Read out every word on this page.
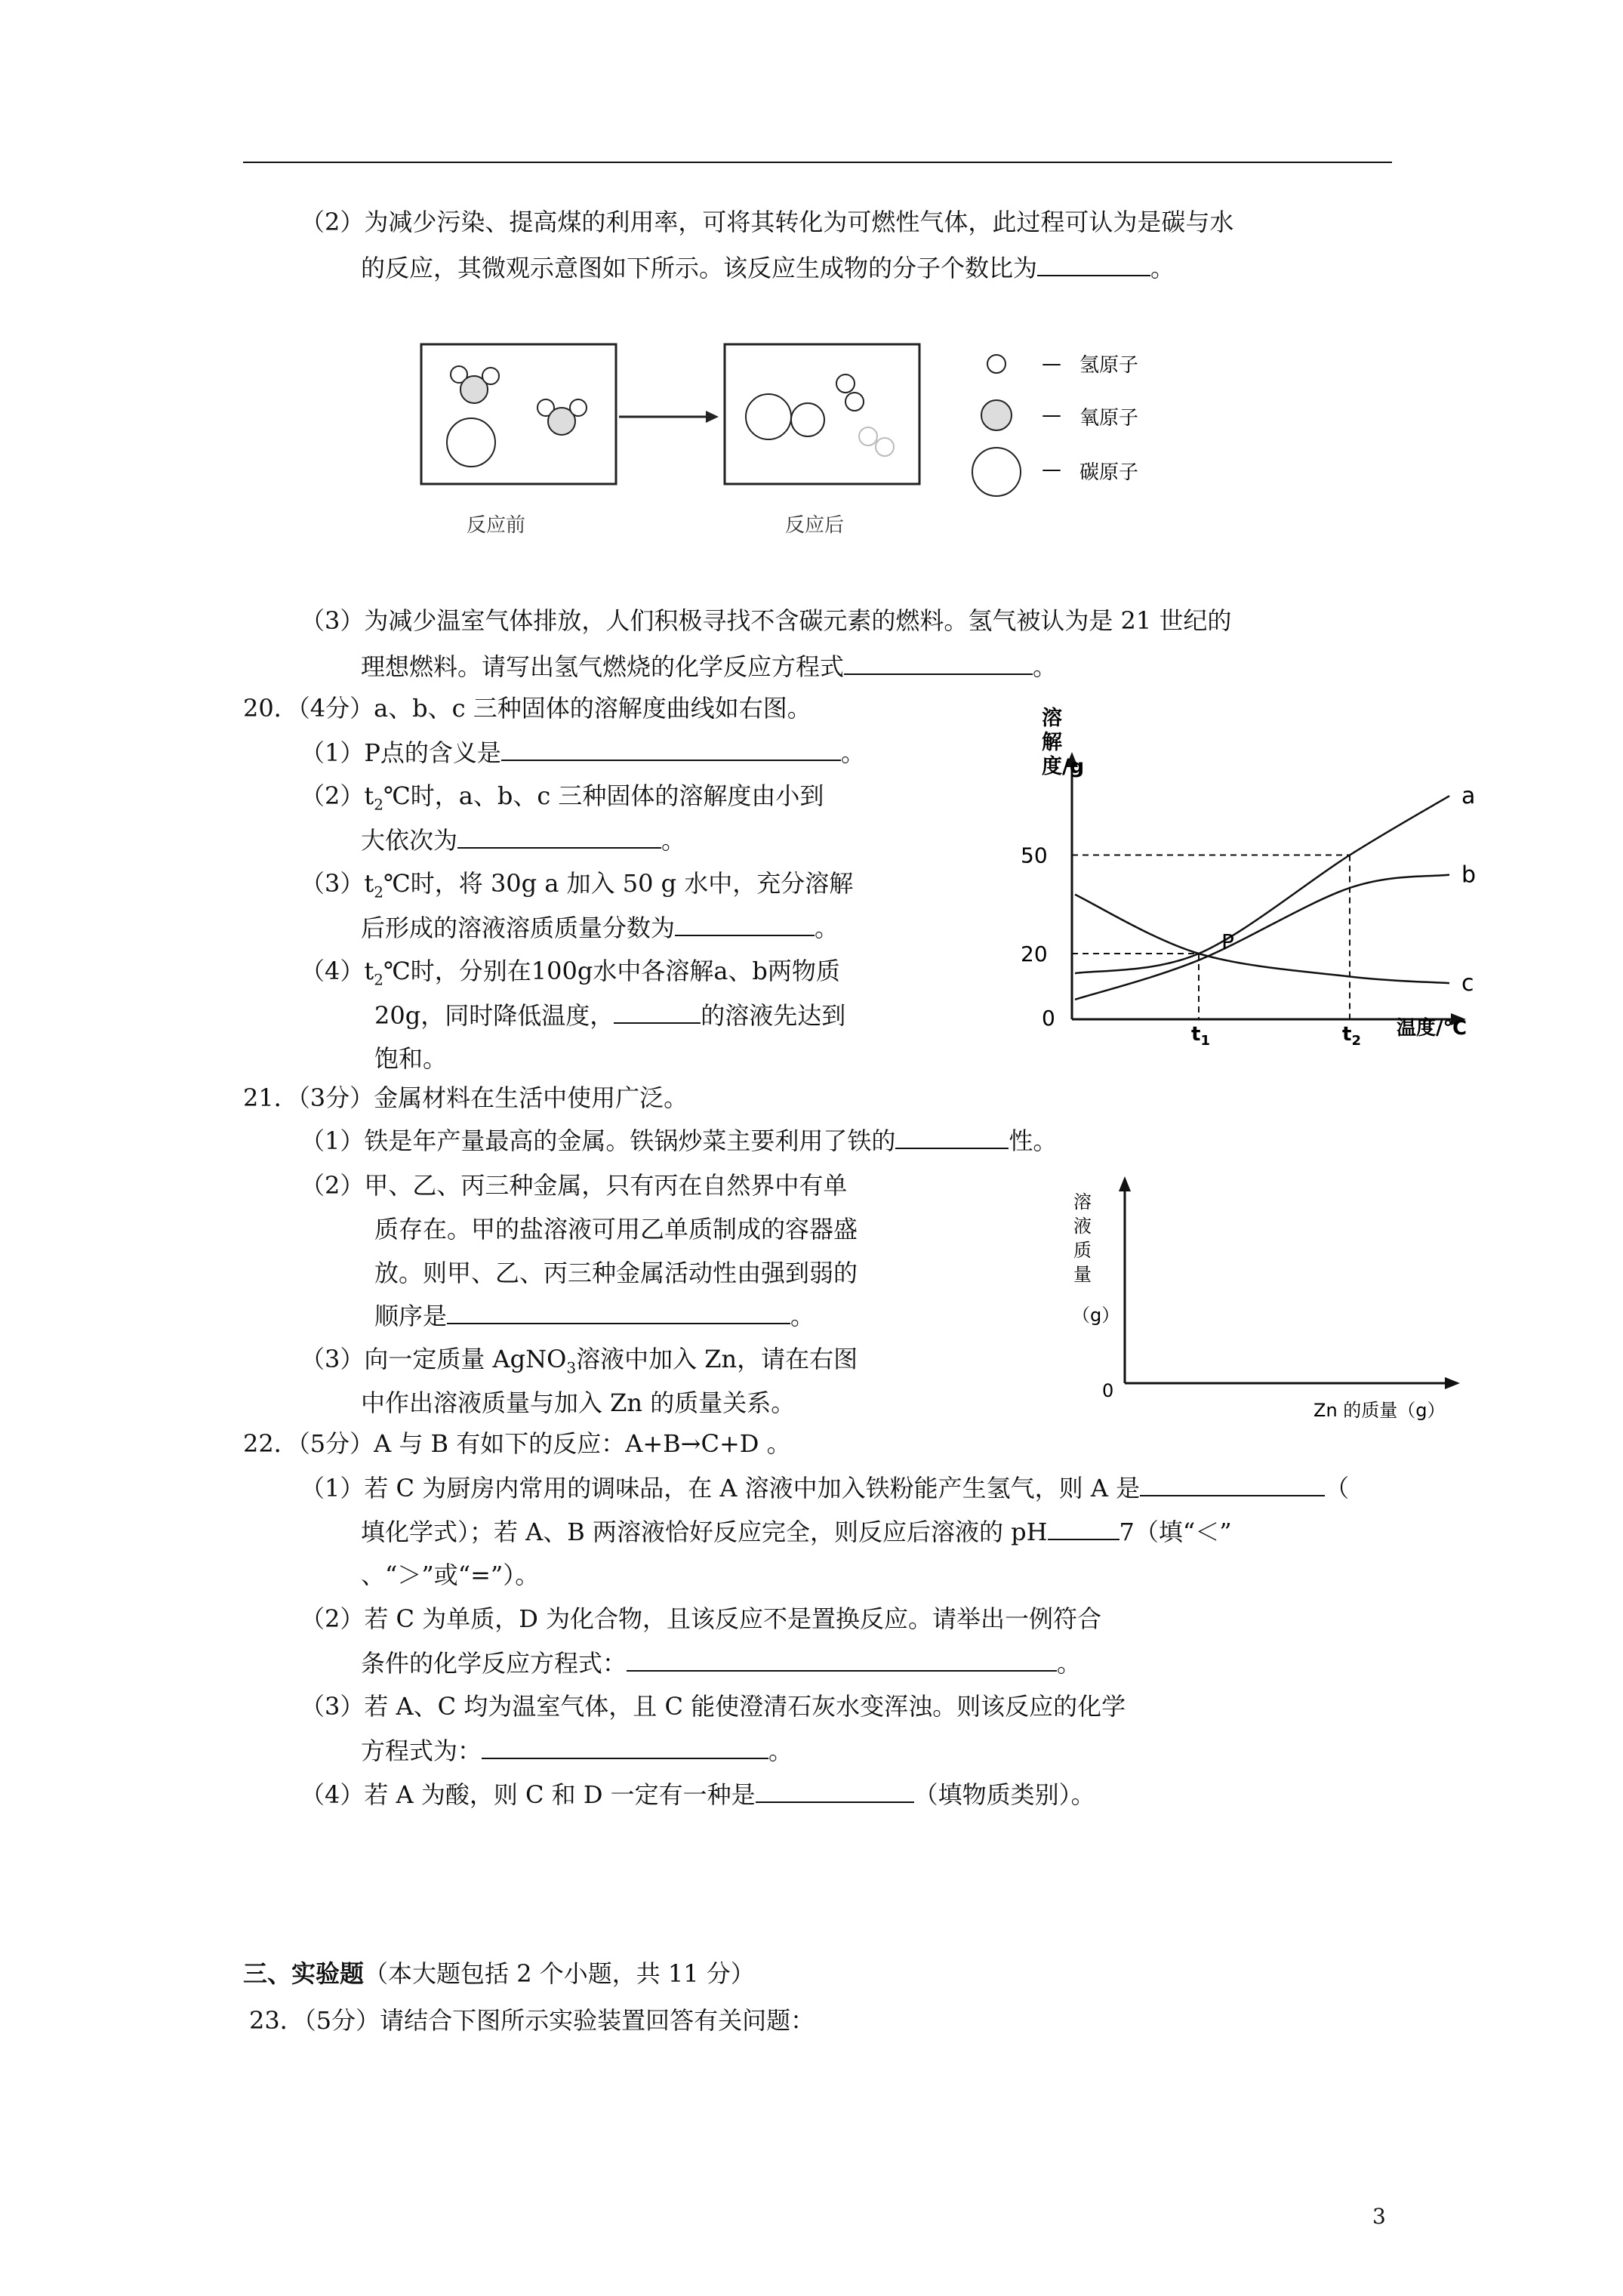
（2）为减少污染、提高煤的利用率，可将其转化为可燃性气体，此过程可认为是碳与水
的反应，其微观示意图如下所示。该反应生成物的分子个数比为	。
反应前	反应后
— 氢原子
— 氧原子
— 碳原子
（3）为减少温室气体排放，人们积极寻找不含碳元素的燃料。氢气被认为是 21 世纪的
理想燃料。请写出氢气燃烧的化学反应方程式	。
20．（4分）a、b、c 三种固体的溶解度曲线如右图。
（1）P点的含义是	。
$(2)t_2℃$时，a、b、c 三种固体的溶解度由小到
大依次为	。
$(3)t_2℃$时，将 30g a 加入 50 g 水中，充分溶解
后形成的溶液溶质质量分数为	。
$(4)t_2℃$时，分别在100g水中各溶解a、b两物质
20g，同时降低温度，	的溶液先达到
饱和。
溶解度/g
0	温度/℃
20
50
$t_1$	$t_2$
a
b
c
P
21．（3分）金属材料在生活中使用广泛。
（1）铁是年产量最高的金属。铁锅炒菜主要利用了铁的	性。
（2）甲、乙、丙三种金属，只有丙在自然界中有单
质存在。甲的盐溶液可用乙单质制成的容器盛
放。则甲、乙、丙三种金属活动性由强到弱的
顺序是	。
（3）向一定质量 AgNO$_3$溶液中加入 Zn，请在右图
中作出溶液质量与加入 Zn 的质量关系。
溶
液
质
量
（g）
0
Zn 的质量（g）
22．（5分）A 与 B 有如下的反应：A+B→C+D 。
（1）若 C 为厨房内常用的调味品，在 A 溶液中加入铁粉能产生氢气，则 A 是	（
填化学式）；若 A、B 两溶液恰好反应完全，则反应后溶液的 pH	7（填“＜”
、“＞”或“=”）。
（2）若 C 为单质，D 为化合物，且该反应不是置换反应。请举出一例符合
条件的化学反应方程式：	。
（3）若 A、C 均为温室气体，且 C 能使澄清石灰水变浑浊。则该反应的化学
方程式为：	。
（4）若 A 为酸，则 C 和 D 一定有一种是	（填物质类别）。
三、实验题（本大题包括 2 个小题，共 11 分）
23．（5分）请结合下图所示实验装置回答有关问题：
3
